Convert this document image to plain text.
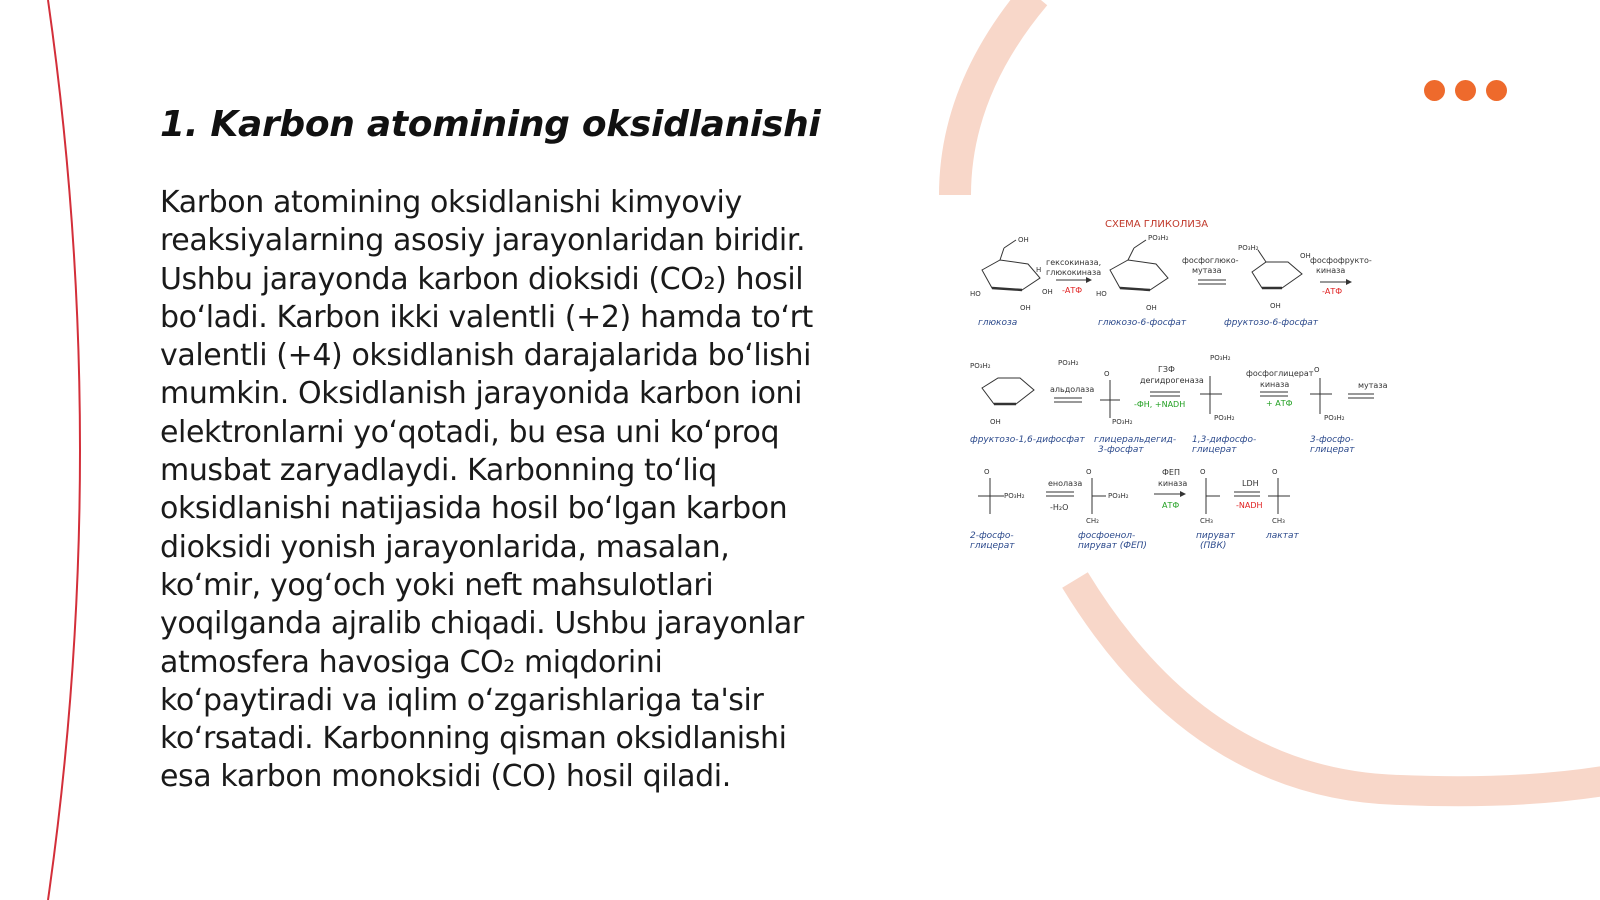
1. Karbon atomining oksidlanishi

Karbon atomining oksidlanishi kimyoviy
reaksiyalarning asosiy jarayonlaridan biridir.
Ushbu jarayonda karbon dioksidi (CO₂) hosil
bo‘ladi. Karbon ikki valentli (+2) hamda to‘rt
valentli (+4) oksidlanish darajalarida bo‘lishi
mumkin. Oksidlanish jarayonida karbon ioni
elektronlarni yo‘qotadi, bu esa uni ko‘proq
musbat zaryadlaydi. Karbonning to‘liq
oksidlanishi natijasida hosil bo‘lgan karbon
dioksidi yonish jarayonlarida, masalan,
ko‘mir, yog‘och yoki neft mahsulotlari
yoqilganda ajralib chiqadi. Ushbu jarayonlar
atmosfera havosiga CO₂ miqdorini
ko‘paytiradi va iqlim o‘zgarishlariga ta'sir
ko‘rsatadi. Karbonning qisman oksidlanishi
esa karbon monoksidi (CO) hosil qiladi.

СХЕМА ГЛИКОЛИЗА
OH
H
HO
OH
OH
PO₃H₂
HO
OH
PO₃H₂
OH
OH
гексокиназа,
глюкокиназа
-АТФ
фосфоглюко-
мутаза
фосфофрукто-
киназа
-АТФ
глюкоза	глюкозо-6-фосфат	фруктозо-6-фосфат
PO₃H₂	PO₃H₂
OH
альдолаза
O
PO₃H₂
ГЗФ
дегидрогеназа
-ФН, +NADH
PO₃H₂
PO₃H₂
фосфоглицерат
киназа
+ АТФ
O
PO₃H₂
мутаза
фруктозо-1,6-дифосфат глицеральдегид-
3-фосфат
1,3-дифосфо-
глицерат
3-фосфо-
глицерат
O
PO₃H₂
енолаза
-H₂O
O
PO₃H₂
CH₂
ФЕП
киназа
АТФ
O
CH₃
LDH
-NADH
O
CH₃
2-фосфо-
глицерат
фосфоенол-
пируват (ФЕП)
пируват
(ПВК)
лактат
